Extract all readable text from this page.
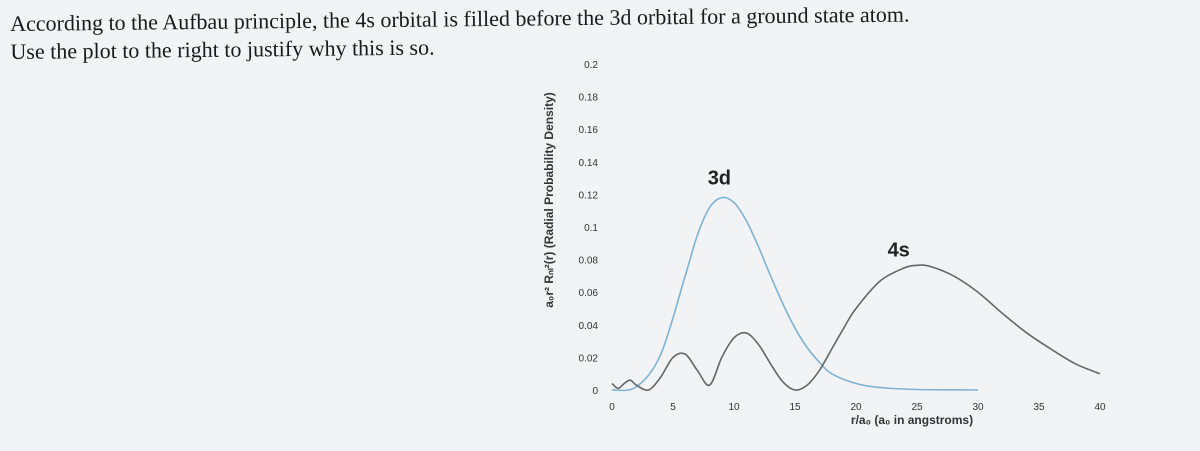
According to the Aufbau principle, the 4s orbital is filled before the 3d orbital for a ground state atom.
Use the plot to the right to justify why this is so.
0
0.02
0.04
0.06
0.08
0.1
0.12
0.14
0.16
0.18
0.2
0	5	10	15	20	25	30	35	40
3d
4s
a₀r² Rₙₗ²(r) (Radial Probability Density)
r/a₀ (a₀ in angstroms)
